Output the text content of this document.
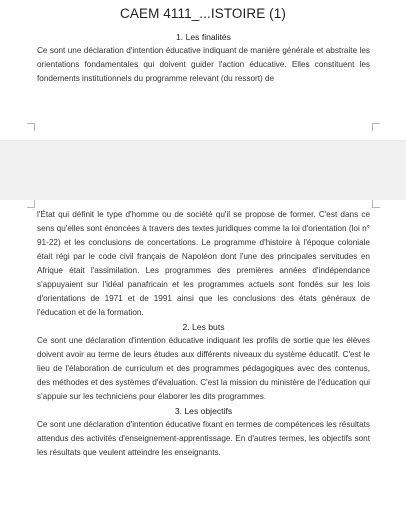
CAEM 4111_...ISTOIRE (1)

1. Les finalités

Ce sont une déclaration d'intention éducative indiquant de manière générale et abstraite les orientations fondamentales qui doivent guider l'action éducative. Elles constituent les fondements institutionnels du programme relevant (du ressort) de

l'État qui définit le type d'homme ou de société qu'il se propose de former. C'est dans ce sens qu'elles sont énoncées à travers des textes juridiques comme la loi d'orientation (loi n° 91-22) et les conclusions de concertations. Le programme d'histoire à l'époque coloniale était régi par le code civil français de Napoléon dont l'une des principales servitudes en Afrique était l'assimilation. Les programmes des premières années d'indépendance s'appuyaient sur l'idéal panafricain et les programmes actuels sont fondés sur les lois d'orientations de 1971 et de 1991 ainsi que les conclusions des états généraux de l'éducation et de la formation.

2. Les buts

Ce sont une déclaration d'intention éducative indiquant les profils de sortie que les élèves doivent avoir au terme de leurs études aux différents niveaux du système éducatif. C'est le lieu de l'élaboration de curriculum et des programmes pédagogiques avec des contenus, des méthodes et des systèmes d'évaluation. C'est la mission du ministère de l'éducation qui s'appuie sur les techniciens pour élaborer les dits programmes.

3. Les objectifs

Ce sont une déclaration d'intention éducative fixant en termes de compétences les résultats attendus des activités d'enseignement-apprentissage. En d'autres termes, les objectifs sont les résultats que veulent atteindre les enseignants.
